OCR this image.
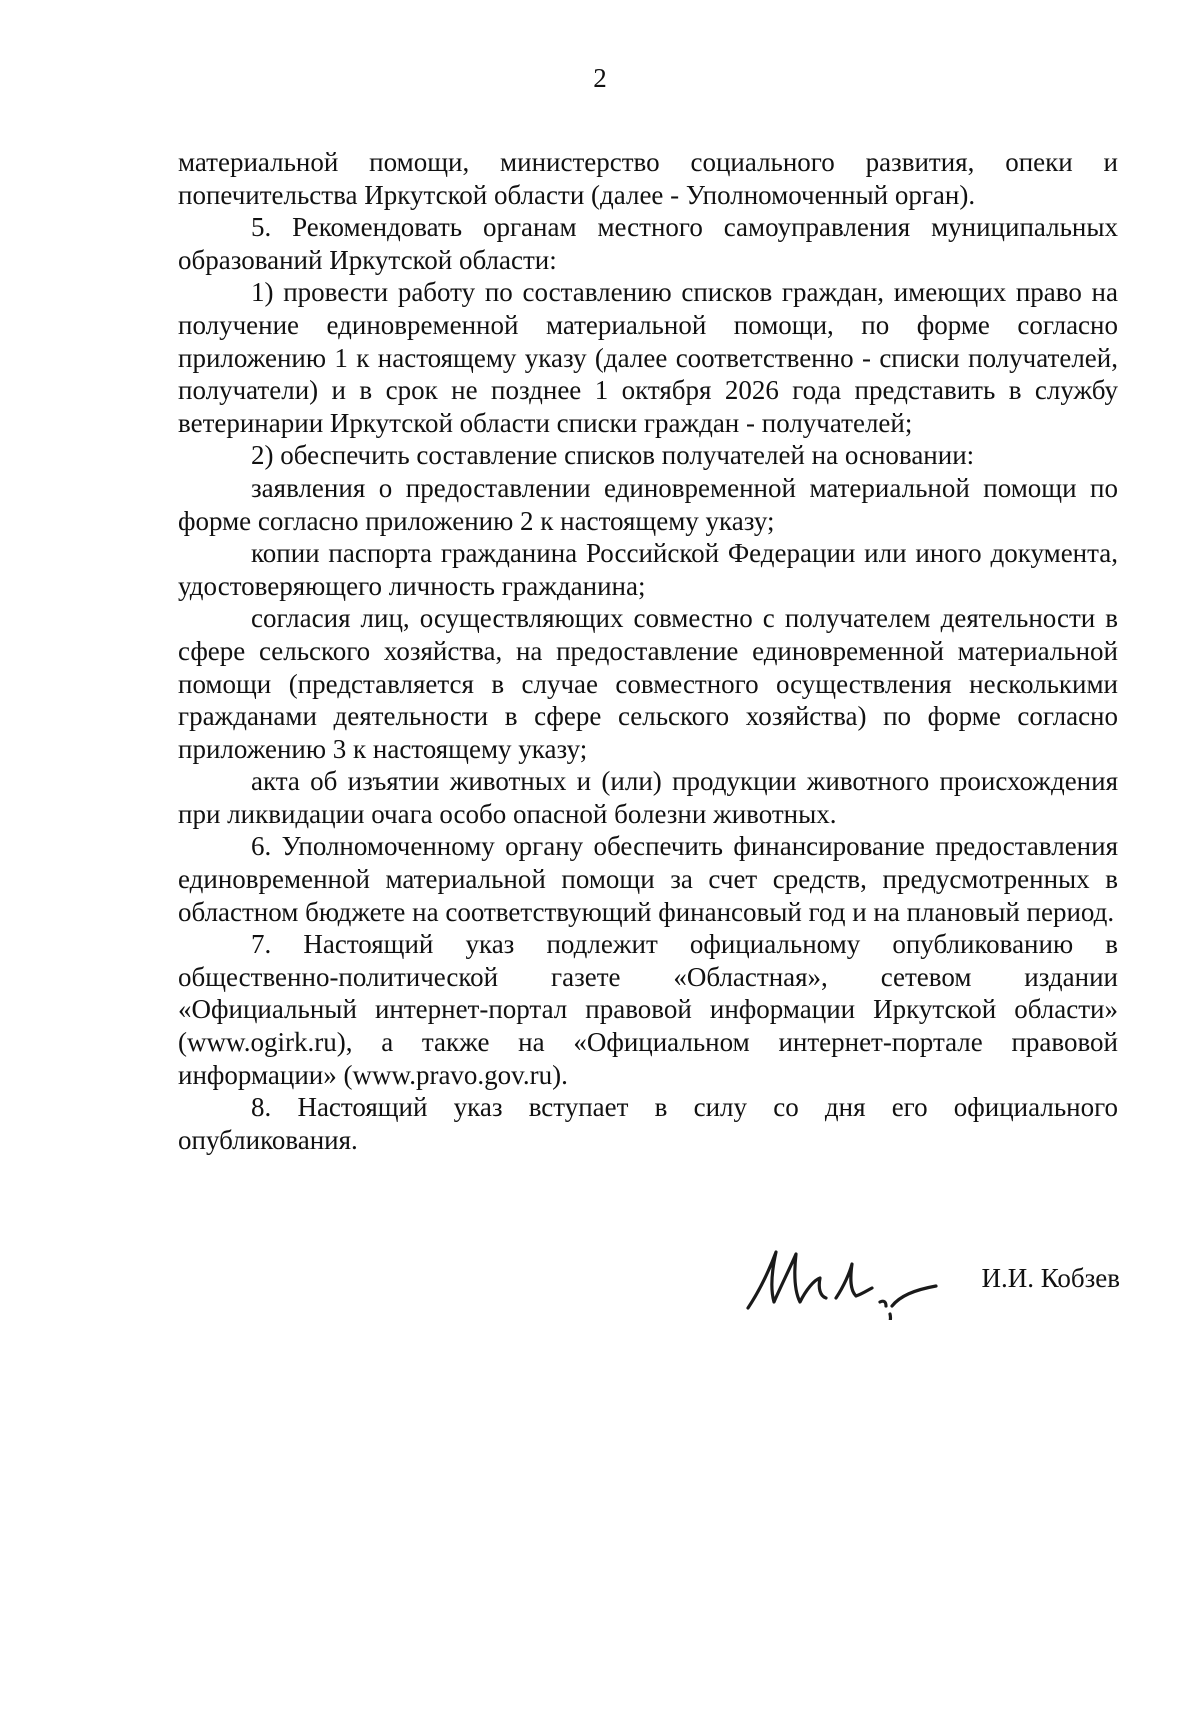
2

материальной помощи, министерство социального развития, опеки и попечительства Иркутской области (далее - Уполномоченный орган).

5. Рекомендовать органам местного самоуправления муниципальных образований Иркутской области:

1) провести работу по составлению списков граждан, имеющих право на получение единовременной материальной помощи, по форме согласно приложению 1 к настоящему указу (далее соответственно - списки получателей, получатели) и в срок не позднее 1 октября 2026 года представить в службу ветеринарии Иркутской области списки граждан - получателей;

2) обеспечить составление списков получателей на основании:

заявления о предоставлении единовременной материальной помощи по форме согласно приложению 2 к настоящему указу;

копии паспорта гражданина Российской Федерации или иного документа, удостоверяющего личность гражданина;

согласия лиц, осуществляющих совместно с получателем деятельности в сфере сельского хозяйства, на предоставление единовременной материальной помощи (представляется в случае совместного осуществления несколькими гражданами деятельности в сфере сельского хозяйства) по форме согласно приложению 3 к настоящему указу;

акта об изъятии животных и (или) продукции животного происхождения при ликвидации очага особо опасной болезни животных.

6. Уполномоченному органу обеспечить финансирование предоставления единовременной материальной помощи за счет средств, предусмотренных в областном бюджете на соответствующий финансовый год и на плановый период.

7. Настоящий указ подлежит официальному опубликованию в общественно-политической газете «Областная», сетевом издании «Официальный интернет-портал правовой информации Иркутской области» (www.ogirk.ru), а также на «Официальном интернет-портале правовой информации» (www.pravo.gov.ru).

8. Настоящий указ вступает в силу со дня его официального опубликования.

И.И. Кобзев
